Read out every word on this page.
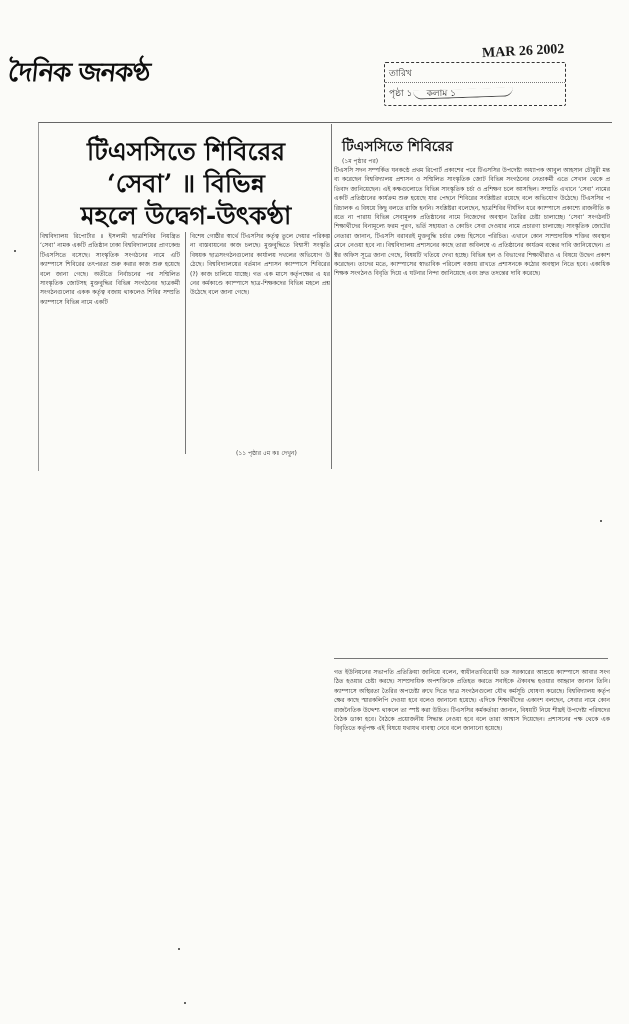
দৈনিক জনকণ্ঠ
MAR 26 2002
তারিখ
পৃষ্ঠা ১ কলাম ১
টিএসসিতে শিবিরের
‘সেবা’ ॥ বিভিন্ন
মহলে উদ্বেগ-উৎকণ্ঠা
বিশ্ববিদ্যালয় রিপোর্টার ॥ ইসলামী ছাত্রশিবির নিয়ন্ত্রিত ‘সেবা’ নামক একটি প্রতিষ্ঠান ঢাকা বিশ্ববিদ্যালয়ের প্রাণকেন্দ্র টিএসসিতে বসেছে। সাংস্কৃতিক সংগঠনের নামে এটি ক্যাম্পাসে শিবিরের তৎপরতা শুরু করার কাজ শুরু হয়েছে বলে জানা গেছে। অতীতে নির্বাচনের পর সম্মিলিত সাংস্কৃতিক জোটসহ মুক্তবুদ্ধির বিভিন্ন সংগঠনের ছাত্রকর্মী সংগঠনগুলোর একক কর্তৃত্ব বজায় থাকলেও শিবির সম্প্রতি ক্যাম্পাসে বিভিন্ন নামে একটি
বিশেষ গোষ্ঠীর স্বার্থে টিএসসির কর্তৃত্ব তুলে দেয়ার পরিকল্পনা বাস্তবায়নের কাজ চলছে। মুক্তবুদ্ধিতে বিশ্বাসী সংস্কৃতি বিষয়ক ছাত্রসংগঠনগুলোর কার্যালয় দখলের অভিযোগ উঠেছে। বিশ্ববিদ্যালয়ের বর্তমান প্রশাসন ক্যাম্পাসে শিবিরের (?) কাজ চালিয়ে যাচ্ছে। গত এক মাসে কর্তৃপক্ষের এ ধরনের কর্মকাণ্ডে ক্যাম্পাসে ছাত্র-শিক্ষকদের বিভিন্ন মহলে প্রশ্ন উঠেছে বলে জানা গেছে।
(১১ পৃষ্ঠার ৫ম কঃ দেখুন)
টিএসসিতে শিবিরের
(১ম পৃষ্ঠার পর)
টিএসসি সদন সম্পর্কিত ঘনকণ্ঠে প্রথম রিপোর্ট প্রকাশের পরে টিএসসির উপদেষ্টা অধ্যাপক আবুল আহসান চৌধুরী মন্তব্য করেছেন বিশ্ববিদ্যালয় প্রশাসন ও সম্মিলিত সাংস্কৃতিক জোট বিভিন্ন সংগঠনের নেতাকর্মী এতে সেখান থেকে প্রতিবাদ জানিয়েছেন। এই কক্ষগুলোতে বিভিন্ন সাংস্কৃতিক চর্চা ও প্রশিক্ষণ চলে আসছিল। সম্প্রতি এখানে ‘সেবা’ নামের একটি প্রতিষ্ঠানের কার্যক্রম শুরু হয়েছে যার পেছনে শিবিরের সংশ্লিষ্টতা রয়েছে বলে অভিযোগ উঠেছে। টিএসসির পরিচালক এ বিষয়ে কিছু বলতে রাজি হননি। সংশ্লিষ্টরা বলেছেন, ছাত্রশিবির দীর্ঘদিন ধরে ক্যাম্পাসে প্রকাশ্যে রাজনীতি করতে না পারায় বিভিন্ন সেবামূলক প্রতিষ্ঠানের নামে নিজেদের অবস্থান তৈরির চেষ্টা চালাচ্ছে। ‘সেবা’ সংগঠনটি শিক্ষার্থীদের বিনামূল্যে ফরম পূরণ, ভর্তি সহায়তা ও কোচিং সেবা দেওয়ার নামে প্রচারণা চালাচ্ছে। সাংস্কৃতিক জোটের নেতারা জানান, টিএসসি বরাবরই মুক্তবুদ্ধি চর্চার কেন্দ্র হিসেবে পরিচিত। এখানে কোন সাম্প্রদায়িক শক্তির অবস্থান মেনে নেওয়া হবে না। বিশ্ববিদ্যালয় প্রশাসনের কাছে তারা অবিলম্বে এ প্রতিষ্ঠানের কার্যক্রম বন্ধের দাবি জানিয়েছেন। প্রক্টর অফিস সূত্রে জানা গেছে, বিষয়টি খতিয়ে দেখা হচ্ছে। বিভিন্ন হল ও বিভাগের শিক্ষার্থীরাও এ বিষয়ে উদ্বেগ প্রকাশ করেছেন। তাদের মতে, ক্যাম্পাসের স্বাভাবিক পরিবেশ বজায় রাখতে প্রশাসনকে কঠোর অবস্থান নিতে হবে। একাধিক শিক্ষক সংগঠনও বিবৃতি দিয়ে এ ঘটনার নিন্দা জানিয়েছে এবং দ্রুত তদন্তের দাবি করেছে।
গত ইউনিয়নের সভাপতি প্রতিক্রিয়া জানিয়ে বলেন, স্বাধীনতাবিরোধী চক্র সরকারের আশ্রয়ে ক্যাম্পাসে আবার সংগঠিত হওয়ার চেষ্টা করছে। সাম্প্রদায়িক অপশক্তিকে প্রতিহত করতে সবাইকে ঐক্যবদ্ধ হওয়ার আহ্বান জানান তিনি। ক্যাম্পাসে অস্থিরতা তৈরির অপচেষ্টা রুখে দিতে ছাত্র সংগঠনগুলো যৌথ কর্মসূচি ঘোষণা করেছে। বিশ্ববিদ্যালয় কর্তৃপক্ষের কাছে স্মারকলিপি দেওয়া হবে বলেও জানানো হয়েছে। এদিকে শিক্ষার্থীদের একাংশ বলছেন, সেবার নামে কোন রাজনৈতিক উদ্দেশ্য থাকলে তা স্পষ্ট করা উচিত। টিএসসির কর্মকর্তারা জানান, বিষয়টি নিয়ে শীঘ্রই উপদেষ্টা পরিষদের বৈঠক ডাকা হবে। বৈঠকে প্রয়োজনীয় সিদ্ধান্ত নেওয়া হবে বলে তারা আশ্বাস দিয়েছেন। প্রশাসনের পক্ষ থেকে এক বিবৃতিতে কর্তৃপক্ষ এই বিষয়ে যথাযথ ব্যবস্থা নেবে বলে জানানো হয়েছে।
